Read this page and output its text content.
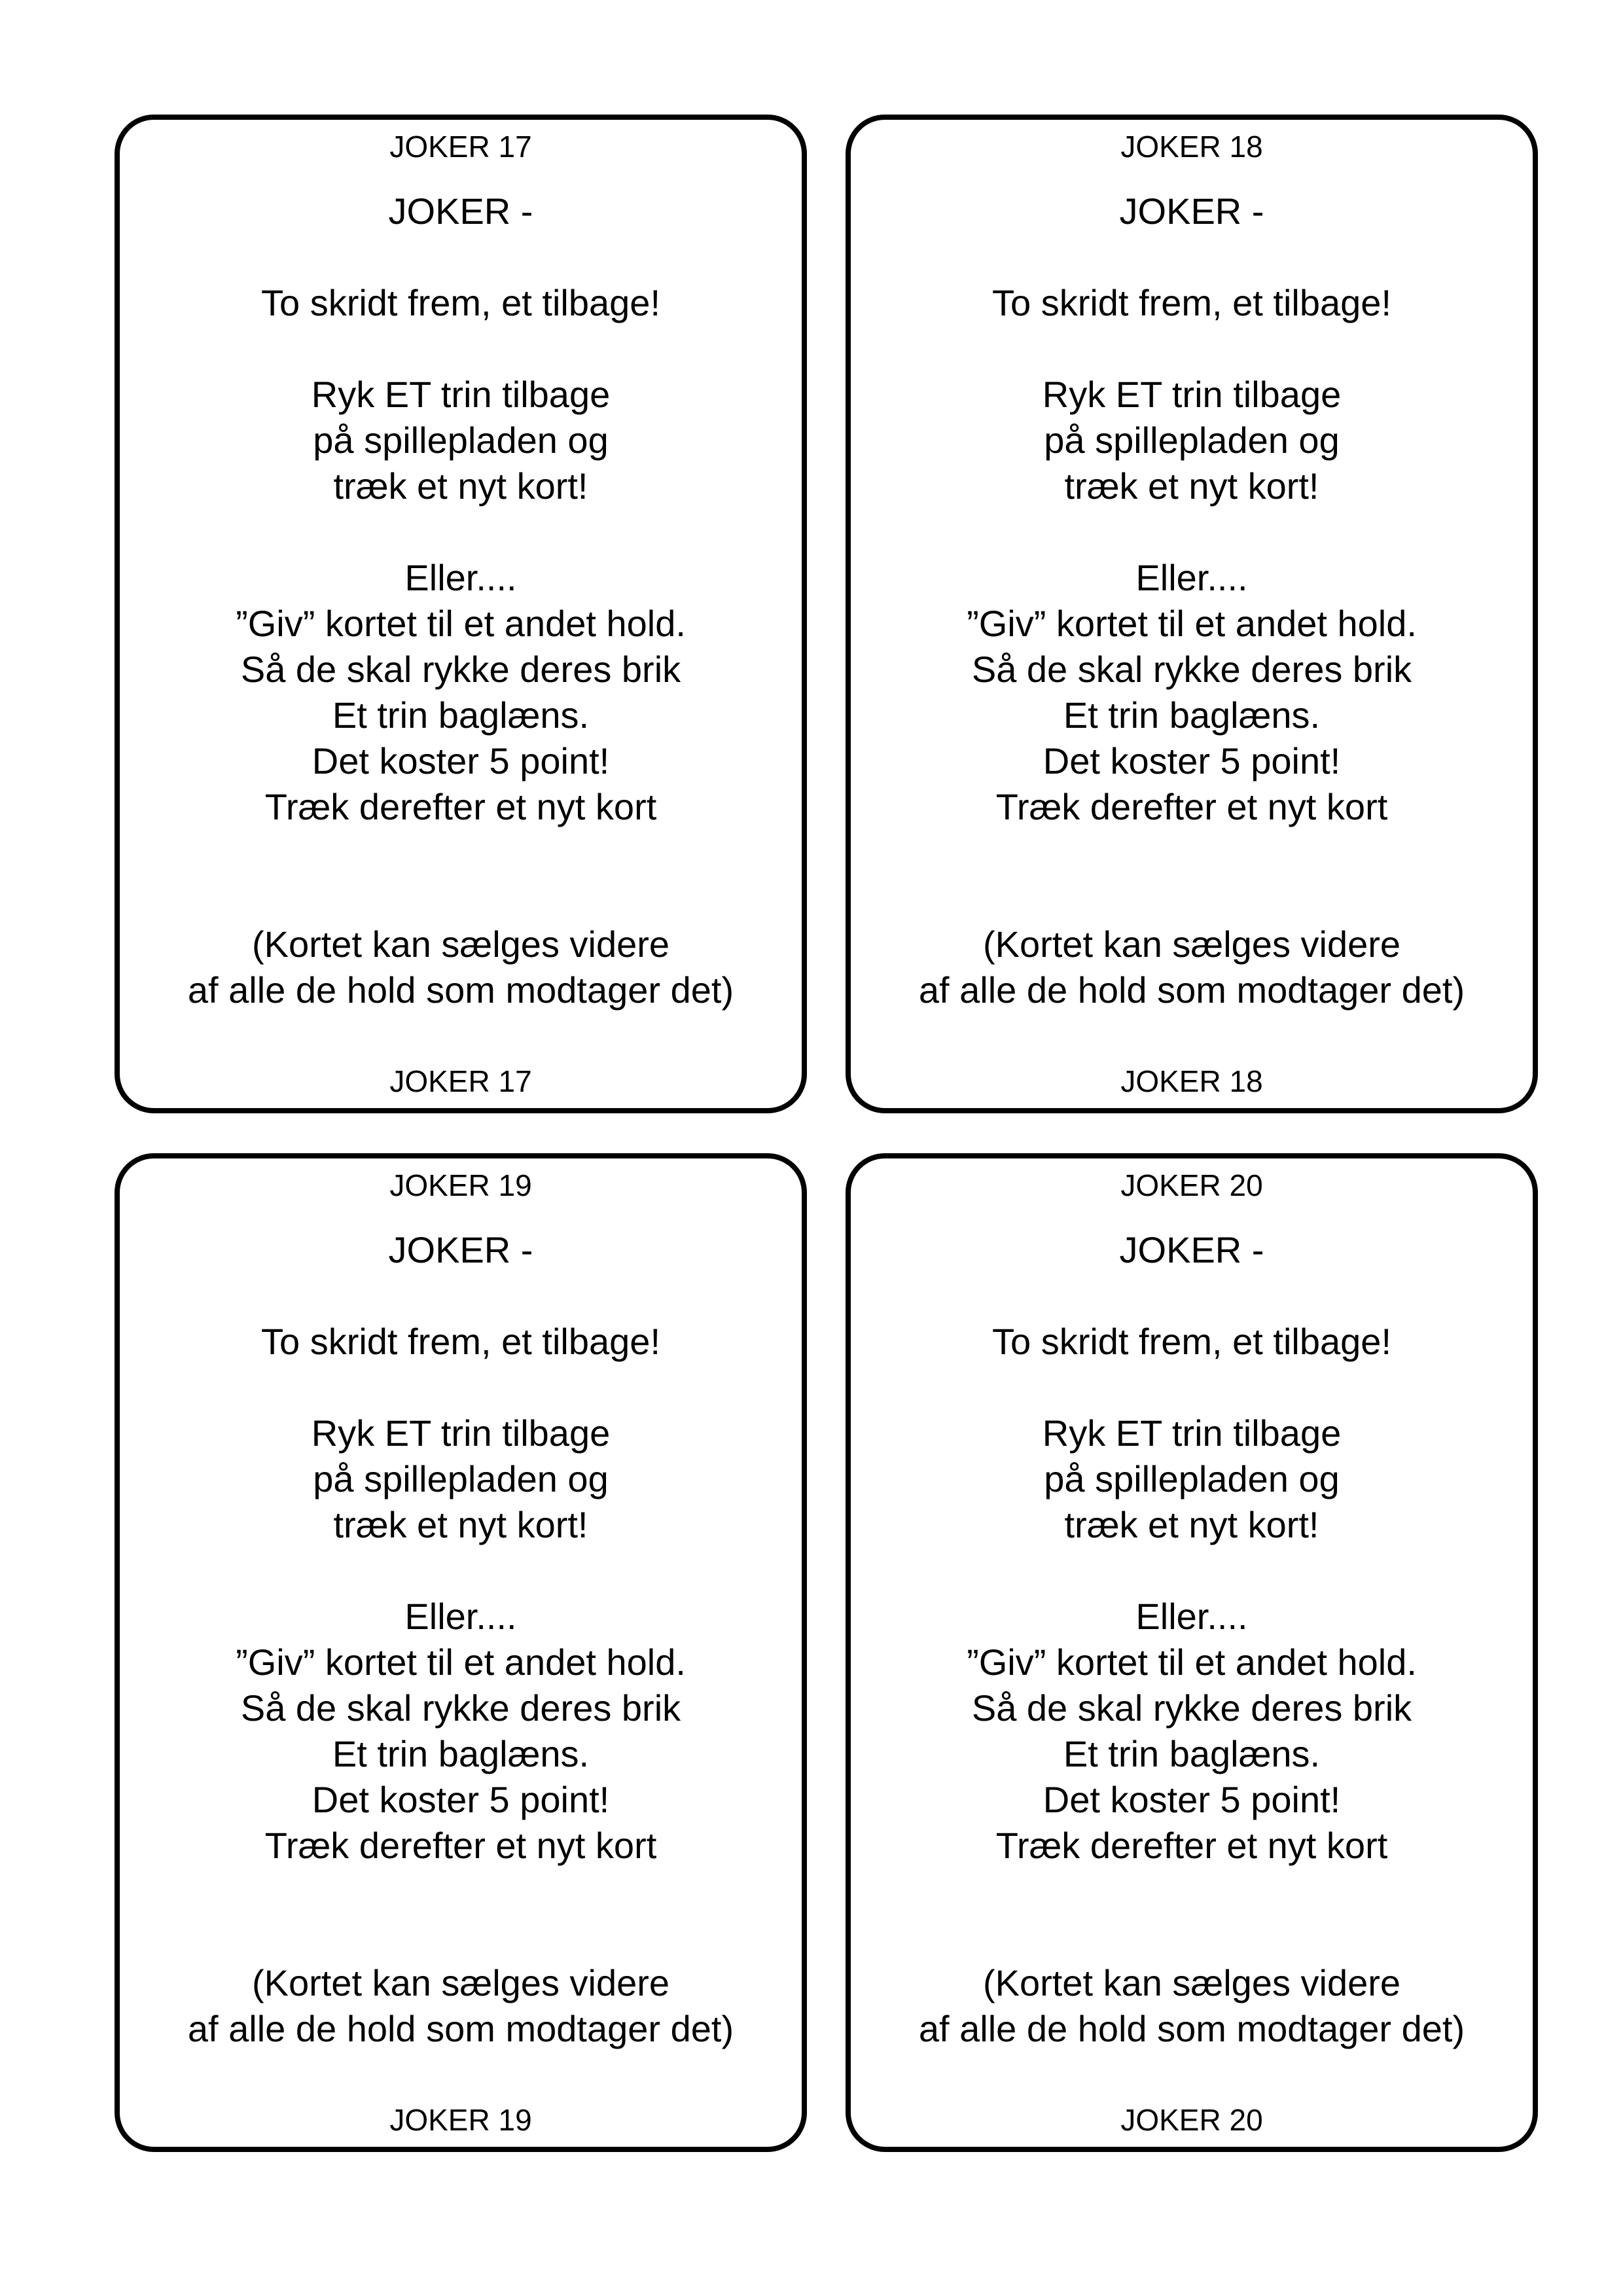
JOKER 17
JOKER -
To skridt frem, et tilbage!
Ryk ET trin tilbage
på spillepladen og
træk et nyt kort!
Eller....
”Giv” kortet til et andet hold.
Så de skal rykke deres brik
Et trin baglæns.
Det koster 5 point!
Træk derefter et nyt kort
(Kortet kan sælges videre
af alle de hold som modtager det)
JOKER 17
JOKER 18
JOKER -
To skridt frem, et tilbage!
Ryk ET trin tilbage
på spillepladen og
træk et nyt kort!
Eller....
”Giv” kortet til et andet hold.
Så de skal rykke deres brik
Et trin baglæns.
Det koster 5 point!
Træk derefter et nyt kort
(Kortet kan sælges videre
af alle de hold som modtager det)
JOKER 18
JOKER 19
JOKER -
To skridt frem, et tilbage!
Ryk ET trin tilbage
på spillepladen og
træk et nyt kort!
Eller....
”Giv” kortet til et andet hold.
Så de skal rykke deres brik
Et trin baglæns.
Det koster 5 point!
Træk derefter et nyt kort
(Kortet kan sælges videre
af alle de hold som modtager det)
JOKER 19
JOKER 20
JOKER -
To skridt frem, et tilbage!
Ryk ET trin tilbage
på spillepladen og
træk et nyt kort!
Eller....
”Giv” kortet til et andet hold.
Så de skal rykke deres brik
Et trin baglæns.
Det koster 5 point!
Træk derefter et nyt kort
(Kortet kan sælges videre
af alle de hold som modtager det)
JOKER 20
